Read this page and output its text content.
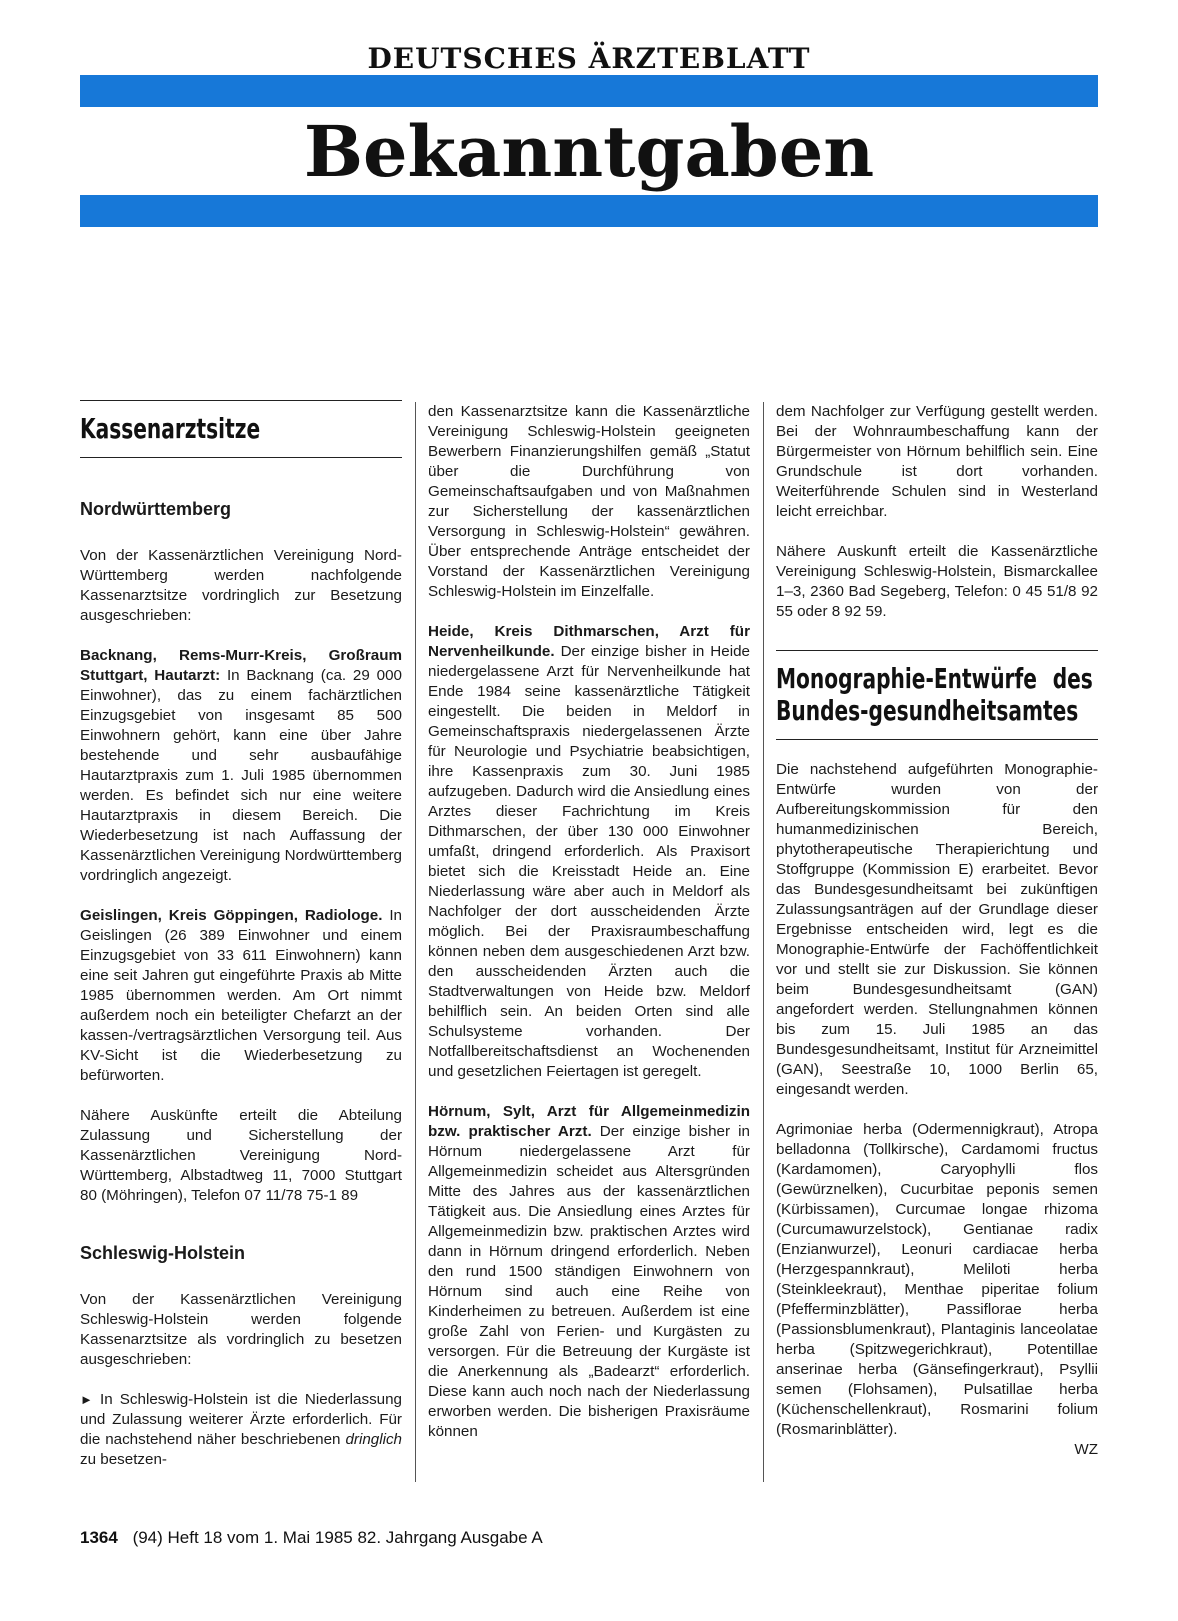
DEUTSCHES ÄRZTEBLATT
Bekanntgaben
Kassenarztsitze
Nordwürttemberg

Von der Kassenärztlichen Vereinigung Nord-Württemberg werden nachfolgende Kassenarztsitze vordringlich zur Besetzung ausgeschrieben:

Backnang, Rems-Murr-Kreis, Großraum Stuttgart, Hautarzt: In Backnang (ca. 29 000 Einwohner), das zu einem fachärztlichen Einzugsgebiet von insgesamt 85 500 Einwohnern gehört, kann eine über Jahre bestehende und sehr ausbaufähige Hautarztpraxis zum 1. Juli 1985 übernommen werden. Es befindet sich nur eine weitere Hautarztpraxis in diesem Bereich. Die Wiederbesetzung ist nach Auffassung der Kassenärztlichen Vereinigung Nordwürttemberg vordringlich angezeigt.

Geislingen, Kreis Göppingen, Radiologe. In Geislingen (26 389 Einwohner und einem Einzugsgebiet von 33 611 Einwohnern) kann eine seit Jahren gut eingeführte Praxis ab Mitte 1985 übernommen werden. Am Ort nimmt außerdem noch ein beteiligter Chefarzt an der kassen-/vertragsärztlichen Versorgung teil. Aus KV-Sicht ist die Wiederbesetzung zu befürworten.

Nähere Auskünfte erteilt die Abteilung Zulassung und Sicherstellung der Kassenärztlichen Vereinigung Nord-Württemberg, Albstadtweg 11, 7000 Stuttgart 80 (Möhringen), Telefon 07 11/78 75-1 89

Schleswig-Holstein

Von der Kassenärztlichen Vereinigung Schleswig-Holstein werden folgende Kassenarztsitze als vordringlich zu besetzen ausgeschrieben:

► In Schleswig-Holstein ist die Niederlassung und Zulassung weiterer Ärzte erforderlich. Für die nachstehend näher beschriebenen dringlich zu besetzen-

den Kassenarztsitze kann die Kassenärztliche Vereinigung Schleswig-Holstein geeigneten Bewerbern Finanzierungshilfen gemäß „Statut über die Durchführung von Gemeinschaftsaufgaben und von Maßnahmen zur Sicherstellung der kassenärztlichen Versorgung in Schleswig-Holstein“ gewähren. Über entsprechende Anträge entscheidet der Vorstand der Kassenärztlichen Vereinigung Schleswig-Holstein im Einzelfalle.

Heide, Kreis Dithmarschen, Arzt für Nervenheilkunde. Der einzige bisher in Heide niedergelassene Arzt für Nervenheilkunde hat Ende 1984 seine kassenärztliche Tätigkeit eingestellt. Die beiden in Meldorf in Gemeinschaftspraxis niedergelassenen Ärzte für Neurologie und Psychiatrie beabsichtigen, ihre Kassenpraxis zum 30. Juni 1985 aufzugeben. Dadurch wird die Ansiedlung eines Arztes dieser Fachrichtung im Kreis Dithmarschen, der über 130 000 Einwohner umfaßt, dringend erforderlich. Als Praxisort bietet sich die Kreisstadt Heide an. Eine Niederlassung wäre aber auch in Meldorf als Nachfolger der dort ausscheidenden Ärzte möglich. Bei der Praxisraumbeschaffung können neben dem ausgeschiedenen Arzt bzw. den ausscheidenden Ärzten auch die Stadtverwaltungen von Heide bzw. Meldorf behilflich sein. An beiden Orten sind alle Schulsysteme vorhanden. Der Notfallbereitschaftsdienst an Wochenenden und gesetzlichen Feiertagen ist geregelt.

Hörnum, Sylt, Arzt für Allgemeinmedizin bzw. praktischer Arzt. Der einzige bisher in Hörnum niedergelassene Arzt für Allgemeinmedizin scheidet aus Altersgründen Mitte des Jahres aus der kassenärztlichen Tätigkeit aus. Die Ansiedlung eines Arztes für Allgemeinmedizin bzw. praktischen Arztes wird dann in Hörnum dringend erforderlich. Neben den rund 1500 ständigen Einwohnern von Hörnum sind auch eine Reihe von Kinderheimen zu betreuen. Außerdem ist eine große Zahl von Ferien- und Kurgästen zu versorgen. Für die Betreuung der Kurgäste ist die Anerkennung als „Badearzt“ erforderlich. Diese kann auch noch nach der Niederlassung erworben werden. Die bisherigen Praxisräume können

dem Nachfolger zur Verfügung gestellt werden. Bei der Wohnraumbeschaffung kann der Bürgermeister von Hörnum behilflich sein. Eine Grundschule ist dort vorhanden. Weiterführende Schulen sind in Westerland leicht erreichbar.

Nähere Auskunft erteilt die Kassenärztliche Vereinigung Schleswig-Holstein, Bismarckallee 1–3, 2360 Bad Segeberg, Telefon: 0 45 51/8 92 55 oder 8 92 59.

Monographie-Entwürfe des Bundes-gesundheitsamtes

Die nachstehend aufgeführten Monographie-Entwürfe wurden von der Aufbereitungskommission für den humanmedizinischen Bereich, phytotherapeutische Therapierichtung und Stoffgruppe (Kommission E) erarbeitet. Bevor das Bundesgesundheitsamt bei zukünftigen Zulassungsanträgen auf der Grundlage dieser Ergebnisse entscheiden wird, legt es die Monographie-Entwürfe der Fachöffentlichkeit vor und stellt sie zur Diskussion. Sie können beim Bundesgesundheitsamt (GAN) angefordert werden. Stellungnahmen können bis zum 15. Juli 1985 an das Bundesgesundheitsamt, Institut für Arzneimittel (GAN), Seestraße 10, 1000 Berlin 65, eingesandt werden.

Agrimoniae herba (Odermennigkraut), Atropa belladonna (Tollkirsche), Cardamomi fructus (Kardamomen), Caryophylli flos (Gewürznelken), Cucurbitae peponis semen (Kürbissamen), Curcumae longae rhizoma (Curcumawurzelstock), Gentianae radix (Enzianwurzel), Leonuri cardiacae herba (Herzgespannkraut), Meliloti herba (Steinkleekraut), Menthae piperitae folium (Pfefferminzblätter), Passiflorae herba (Passionsblumenkraut), Plantaginis lanceolatae herba (Spitzwegerichkraut), Potentillae anserinae herba (Gänsefingerkraut), Psyllii semen (Flohsamen), Pulsatillae herba (Küchenschellenkraut), Rosmarini folium (Rosmarinblätter).

WZ
1364 (94) Heft 18 vom 1. Mai 1985 82. Jahrgang Ausgabe A
